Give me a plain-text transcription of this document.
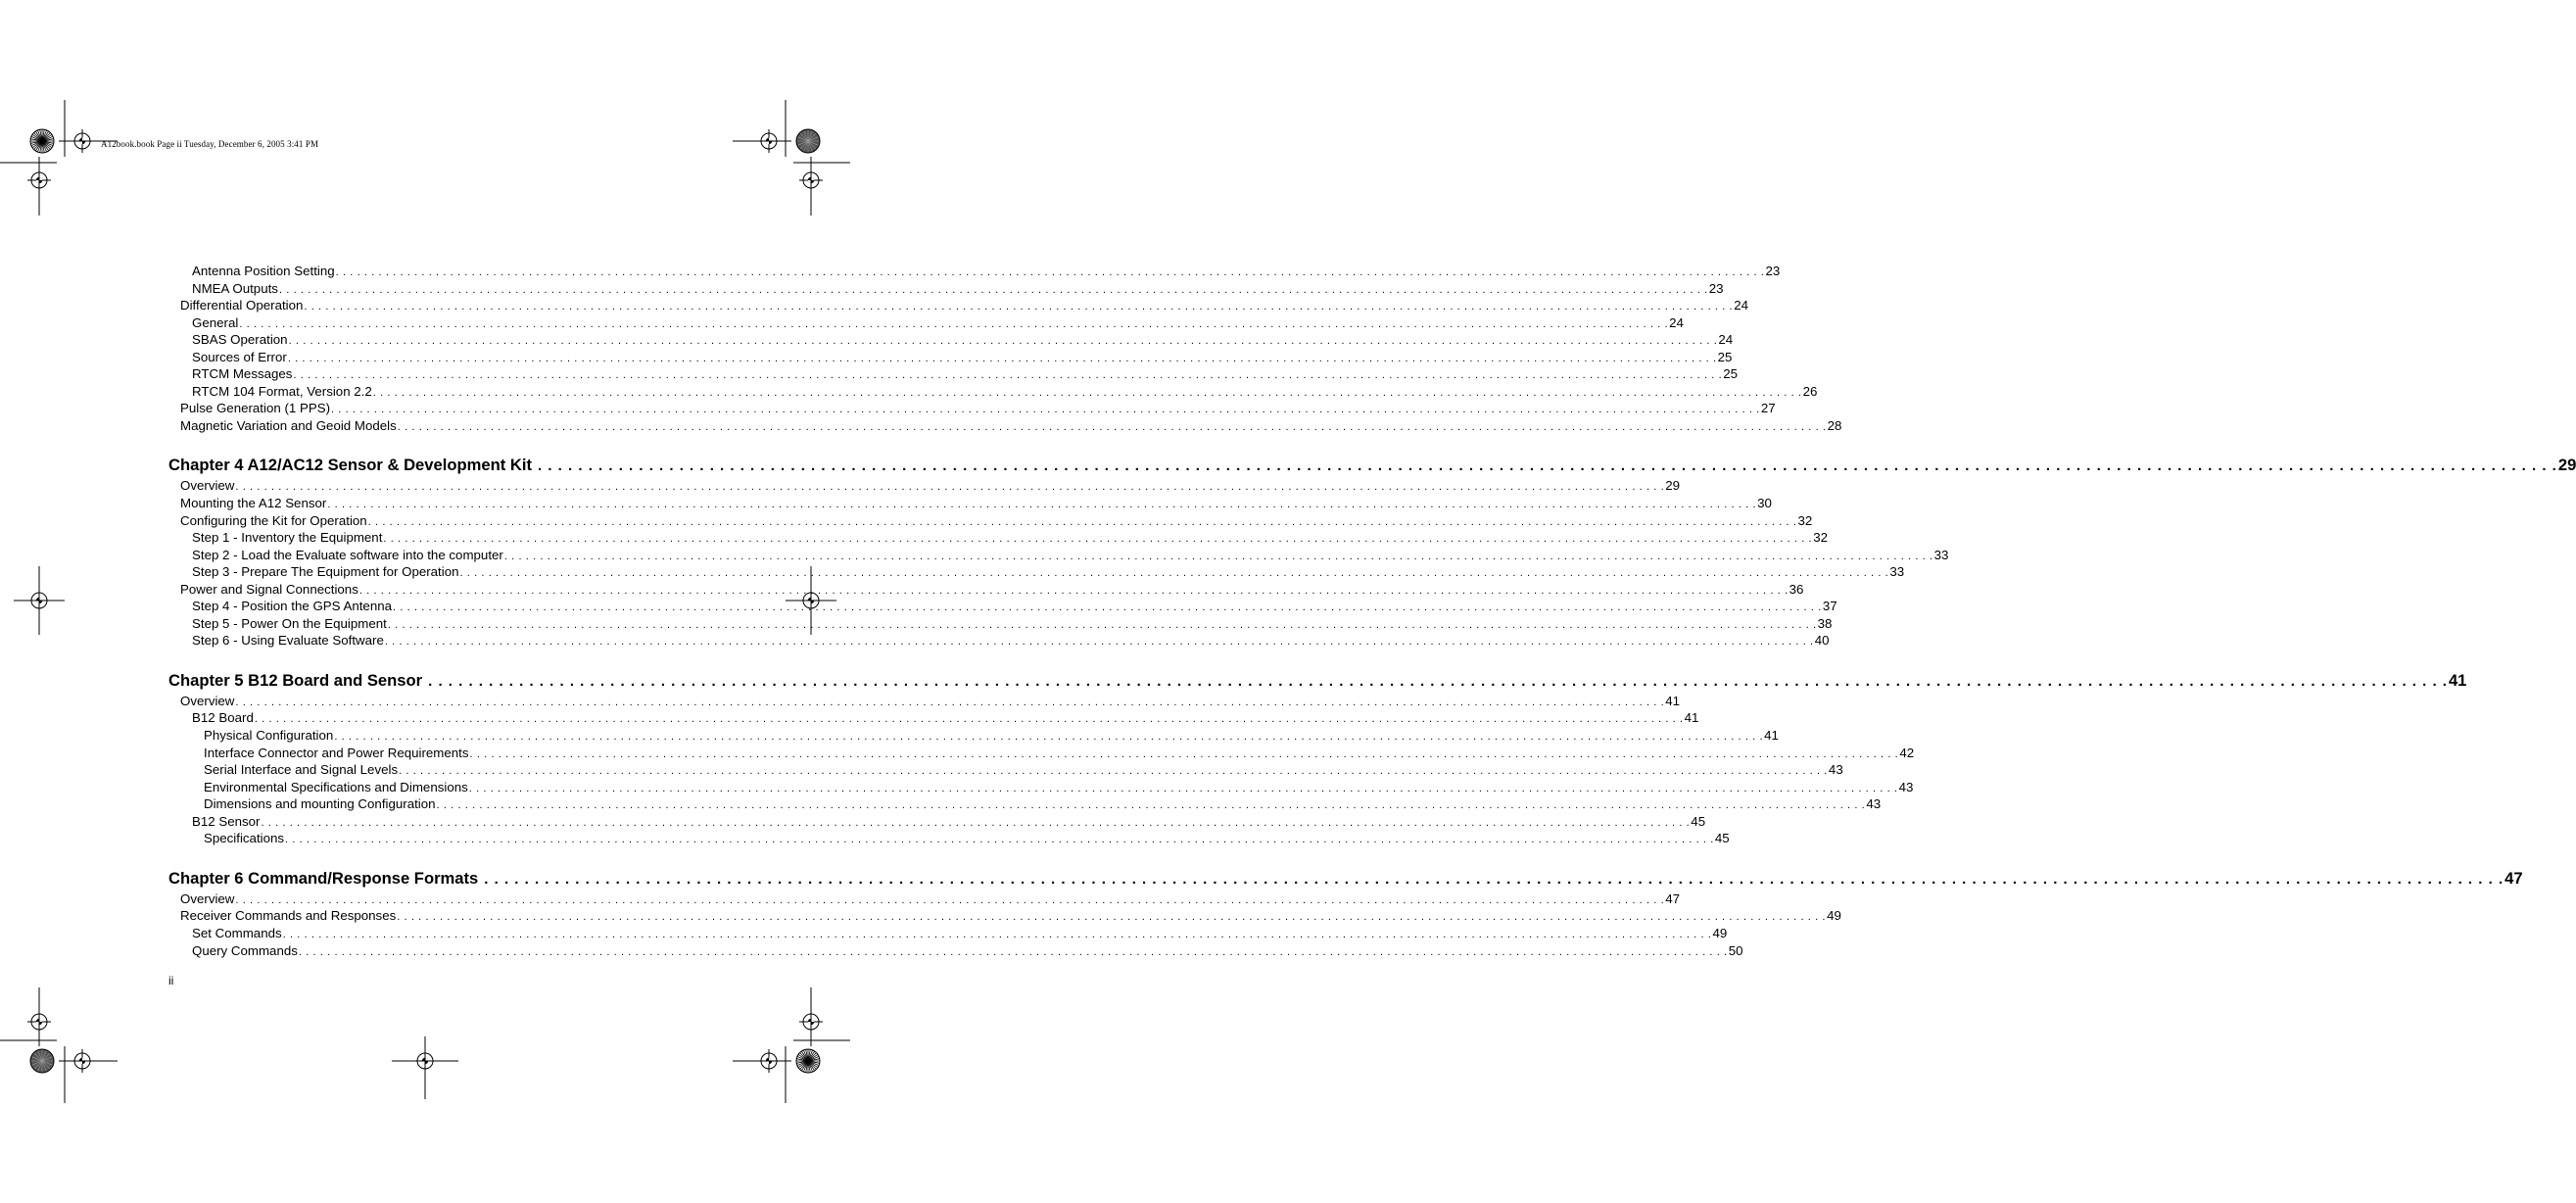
A12book.book Page ii Tuesday, December 6, 2005 3:41 PM
Antenna Position Setting . . . . . . . . . . . . . . . . . . . . . . . . . . . . . . . . . . . . . . . . . . . . . . . . . . . . . . . . . . . . . . . . . . . . . . . . . . . . . . . . . . . . . . . . . . . . . . . . . . . . . . . . . . . . . . . . . . . . . . . . . . . . . . . . . . . . . . . . . . . . . . . . . . . . . . . . . . . . . . . . . . . . . . . . . . . . . . . . . . . . . . . . . . . . . . . . . . . . . . . . 23
NMEA Outputs . . . . . . . . . . . . . . . . . . . . . . . . . . . . . . . . . . . . . . . . . . . . . . . . . . . . . . . . . . . . . . . . . . . . . . . . . . . . . . . . . . . . . . . . . . . . . . . . . . . . . . . . . . . . . . . . . . . . . . . . . . . . . . . . . . . . . . . . . . . . . . . . . . . . . . . . . . . . . . . . . . . . . . . . . . . . . . . . . . . . . . . . . . . . . . . . . . . . . . . . 23
Differential Operation . . . . . . . . . . . . . . . . . . . . . . . . . . . . . . . . . . . . . . . . . . . . . . . . . . . . . . . . . . . . . . . . . . . . . . . . . . . . . . . . . . . . . . . . . . . . . . . . . . . . . . . . . . . . . . . . . . . . . . . . . . . . . . . . . . . . . . . . . . . . . . . . . . . . . . . . . . . . . . . . . . . . . . . . . . . . . . . . . . . . . . . . . . . . . . . . . . . . . . . . 24
General . . . . . . . . . . . . . . . . . . . . . . . . . . . . . . . . . . . . . . . . . . . . . . . . . . . . . . . . . . . . . . . . . . . . . . . . . . . . . . . . . . . . . . . . . . . . . . . . . . . . . . . . . . . . . . . . . . . . . . . . . . . . . . . . . . . . . . . . . . . . . . . . . . . . . . . . . . . . . . . . . . . . . . . . . . . . . . . . . . . . . . . . . . . . . . . . . . . . . . . . 24
SBAS Operation . . . . . . . . . . . . . . . . . . . . . . . . . . . . . . . . . . . . . . . . . . . . . . . . . . . . . . . . . . . . . . . . . . . . . . . . . . . . . . . . . . . . . . . . . . . . . . . . . . . . . . . . . . . . . . . . . . . . . . . . . . . . . . . . . . . . . . . . . . . . . . . . . . . . . . . . . . . . . . . . . . . . . . . . . . . . . . . . . . . . . . . . . . . . . . . . . . . . . . . . 24
Sources of Error . . . . . . . . . . . . . . . . . . . . . . . . . . . . . . . . . . . . . . . . . . . . . . . . . . . . . . . . . . . . . . . . . . . . . . . . . . . . . . . . . . . . . . . . . . . . . . . . . . . . . . . . . . . . . . . . . . . . . . . . . . . . . . . . . . . . . . . . . . . . . . . . . . . . . . . . . . . . . . . . . . . . . . . . . . . . . . . . . . . . . . . . . . . . . . . . . . . . . . . . 25
RTCM Messages . . . . . . . . . . . . . . . . . . . . . . . . . . . . . . . . . . . . . . . . . . . . . . . . . . . . . . . . . . . . . . . . . . . . . . . . . . . . . . . . . . . . . . . . . . . . . . . . . . . . . . . . . . . . . . . . . . . . . . . . . . . . . . . . . . . . . . . . . . . . . . . . . . . . . . . . . . . . . . . . . . . . . . . . . . . . . . . . . . . . . . . . . . . . . . . . . . . . . . . . 25
RTCM 104 Format, Version 2.2 . . . . . . . . . . . . . . . . . . . . . . . . . . . . . . . . . . . . . . . . . . . . . . . . . . . . . . . . . . . . . . . . . . . . . . . . . . . . . . . . . . . . . . . . . . . . . . . . . . . . . . . . . . . . . . . . . . . . . . . . . . . . . . . . . . . . . . . . . . . . . . . . . . . . . . . . . . . . . . . . . . . . . . . . . . . . . . . . . . . . . . . . . . . . . . . . . . . . . . . . 26
Pulse Generation (1 PPS) . . . . . . . . . . . . . . . . . . . . . . . . . . . . . . . . . . . . . . . . . . . . . . . . . . . . . . . . . . . . . . . . . . . . . . . . . . . . . . . . . . . . . . . . . . . . . . . . . . . . . . . . . . . . . . . . . . . . . . . . . . . . . . . . . . . . . . . . . . . . . . . . . . . . . . . . . . . . . . . . . . . . . . . . . . . . . . . . . . . . . . . . . . . . . . . . . . . . . . . . 27
Magnetic Variation and Geoid Models . . . . . . . . . . . . . . . . . . . . . . . . . . . . . . . . . . . . . . . . . . . . . . . . . . . . . . . . . . . . . . . . . . . . . . . . . . . . . . . . . . . . . . . . . . . . . . . . . . . . . . . . . . . . . . . . . . . . . . . . . . . . . . . . . . . . . . . . . . . . . . . . . . . . . . . . . . . . . . . . . . . . . . . . . . . . . . . . . . . . . . . . . . . . . . . . . . . . . . . . 28
Chapter 4 A12/AC12 Sensor & Development Kit . . . . . . . . . . . . . . . . . . . . . . . . . . . . . . . . . . . . . . . . . . . . . . . . . . . . . . . . . . . . . . . . . . . . . . . . . . . . . . . . . . . . . . . . . . . . . . . . . . . . . . . . . . . . . . . . . . . . . . . . . . . . . . . . . . . . . . . . . . . . . . . . . . . . . . . . . . . . . . . . . . . . . . . . . . . . . . . . . . . . . . . . . . . . . . . . . . . . . . . . 29
Overview . . . . . . . . . . . . . . . . . . . . . . . . . . . . . . . . . . . . . . . . . . . . . . . . . . . . . . . . . . . . . . . . . . . . . . . . . . . . . . . . . . . . . . . . . . . . . . . . . . . . . . . . . . . . . . . . . . . . . . . . . . . . . . . . . . . . . . . . . . . . . . . . . . . . . . . . . . . . . . . . . . . . . . . . . . . . . . . . . . . . . . . . . . . . . . . . . . . . . . . . 29
Mounting the A12 Sensor . . . . . . . . . . . . . . . . . . . . . . . . . . . . . . . . . . . . . . . . . . . . . . . . . . . . . . . . . . . . . . . . . . . . . . . . . . . . . . . . . . . . . . . . . . . . . . . . . . . . . . . . . . . . . . . . . . . . . . . . . . . . . . . . . . . . . . . . . . . . . . . . . . . . . . . . . . . . . . . . . . . . . . . . . . . . . . . . . . . . . . . . . . . . . . . . . . . . . . . . 30
Configuring the Kit for Operation . . . . . . . . . . . . . . . . . . . . . . . . . . . . . . . . . . . . . . . . . . . . . . . . . . . . . . . . . . . . . . . . . . . . . . . . . . . . . . . . . . . . . . . . . . . . . . . . . . . . . . . . . . . . . . . . . . . . . . . . . . . . . . . . . . . . . . . . . . . . . . . . . . . . . . . . . . . . . . . . . . . . . . . . . . . . . . . . . . . . . . . . . . . . . . . . . . . . . . . . 32
Step 1 - Inventory the Equipment . . . . . . . . . . . . . . . . . . . . . . . . . . . . . . . . . . . . . . . . . . . . . . . . . . . . . . . . . . . . . . . . . . . . . . . . . . . . . . . . . . . . . . . . . . . . . . . . . . . . . . . . . . . . . . . . . . . . . . . . . . . . . . . . . . . . . . . . . . . . . . . . . . . . . . . . . . . . . . . . . . . . . . . . . . . . . . . . . . . . . . . . . . . . . . . . . . . . . . . . 32
Step 2 - Load the Evaluate software into the computer . . . . . . . . . . . . . . . . . . . . . . . . . . . . . . . . . . . . . . . . . . . . . . . . . . . . . . . . . . . . . . . . . . . . . . . . . . . . . . . . . . . . . . . . . . . . . . . . . . . . . . . . . . . . . . . . . . . . . . . . . . . . . . . . . . . . . . . . . . . . . . . . . . . . . . . . . . . . . . . . . . . . . . . . . . . . . . . . . . . . . . . . . . . . . . . . . . . . . . . . 33
Step 3 - Prepare The Equipment for Operation . . . . . . . . . . . . . . . . . . . . . . . . . . . . . . . . . . . . . . . . . . . . . . . . . . . . . . . . . . . . . . . . . . . . . . . . . . . . . . . . . . . . . . . . . . . . . . . . . . . . . . . . . . . . . . . . . . . . . . . . . . . . . . . . . . . . . . . . . . . . . . . . . . . . . . . . . . . . . . . . . . . . . . . . . . . . . . . . . . . . . . . . . . . . . . . . . . . . . . . . 33
Power and Signal Connections . . . . . . . . . . . . . . . . . . . . . . . . . . . . . . . . . . . . . . . . . . . . . . . . . . . . . . . . . . . . . . . . . . . . . . . . . . . . . . . . . . . . . . . . . . . . . . . . . . . . . . . . . . . . . . . . . . . . . . . . . . . . . . . . . . . . . . . . . . . . . . . . . . . . . . . . . . . . . . . . . . . . . . . . . . . . . . . . . . . . . . . . . . . . . . . . . . . . . . . . 36
Step 4 - Position the GPS Antenna . . . . . . . . . . . . . . . . . . . . . . . . . . . . . . . . . . . . . . . . . . . . . . . . . . . . . . . . . . . . . . . . . . . . . . . . . . . . . . . . . . . . . . . . . . . . . . . . . . . . . . . . . . . . . . . . . . . . . . . . . . . . . . . . . . . . . . . . . . . . . . . . . . . . . . . . . . . . . . . . . . . . . . . . . . . . . . . . . . . . . . . . . . . . . . . . . . . . . . . . 37
Step 5 - Power On the Equipment . . . . . . . . . . . . . . . . . . . . . . . . . . . . . . . . . . . . . . . . . . . . . . . . . . . . . . . . . . . . . . . . . . . . . . . . . . . . . . . . . . . . . . . . . . . . . . . . . . . . . . . . . . . . . . . . . . . . . . . . . . . . . . . . . . . . . . . . . . . . . . . . . . . . . . . . . . . . . . . . . . . . . . . . . . . . . . . . . . . . . . . . . . . . . . . . . . . . . . . . 38
Step 6 - Using Evaluate Software . . . . . . . . . . . . . . . . . . . . . . . . . . . . . . . . . . . . . . . . . . . . . . . . . . . . . . . . . . . . . . . . . . . . . . . . . . . . . . . . . . . . . . . . . . . . . . . . . . . . . . . . . . . . . . . . . . . . . . . . . . . . . . . . . . . . . . . . . . . . . . . . . . . . . . . . . . . . . . . . . . . . . . . . . . . . . . . . . . . . . . . . . . . . . . . . . . . . . . . . 40
Chapter 5 B12 Board and Sensor . . . . . . . . . . . . . . . . . . . . . . . . . . . . . . . . . . . . . . . . . . . . . . . . . . . . . . . . . . . . . . . . . . . . . . . . . . . . . . . . . . . . . . . . . . . . . . . . . . . . . . . . . . . . . . . . . . . . . . . . . . . . . . . . . . . . . . . . . . . . . . . . . . . . . . . . . . . . . . . . . . . . . . . . . . . . . . . . . . . . . . . . . . . . . . . . . . . . . . . . 41
Overview . . . . . . . . . . . . . . . . . . . . . . . . . . . . . . . . . . . . . . . . . . . . . . . . . . . . . . . . . . . . . . . . . . . . . . . . . . . . . . . . . . . . . . . . . . . . . . . . . . . . . . . . . . . . . . . . . . . . . . . . . . . . . . . . . . . . . . . . . . . . . . . . . . . . . . . . . . . . . . . . . . . . . . . . . . . . . . . . . . . . . . . . . . . . . . . . . . . . . . . . 41
B12 Board . . . . . . . . . . . . . . . . . . . . . . . . . . . . . . . . . . . . . . . . . . . . . . . . . . . . . . . . . . . . . . . . . . . . . . . . . . . . . . . . . . . . . . . . . . . . . . . . . . . . . . . . . . . . . . . . . . . . . . . . . . . . . . . . . . . . . . . . . . . . . . . . . . . . . . . . . . . . . . . . . . . . . . . . . . . . . . . . . . . . . . . . . . . . . . . . . . . . . . . . 41
Physical Configuration . . . . . . . . . . . . . . . . . . . . . . . . . . . . . . . . . . . . . . . . . . . . . . . . . . . . . . . . . . . . . . . . . . . . . . . . . . . . . . . . . . . . . . . . . . . . . . . . . . . . . . . . . . . . . . . . . . . . . . . . . . . . . . . . . . . . . . . . . . . . . . . . . . . . . . . . . . . . . . . . . . . . . . . . . . . . . . . . . . . . . . . . . . . . . . . . . . . . . . . . 41
Interface Connector and Power Requirements . . . . . . . . . . . . . . . . . . . . . . . . . . . . . . . . . . . . . . . . . . . . . . . . . . . . . . . . . . . . . . . . . . . . . . . . . . . . . . . . . . . . . . . . . . . . . . . . . . . . . . . . . . . . . . . . . . . . . . . . . . . . . . . . . . . . . . . . . . . . . . . . . . . . . . . . . . . . . . . . . . . . . . . . . . . . . . . . . . . . . . . . . . . . . . . . . . . . . . . . 42
Serial Interface and Signal Levels . . . . . . . . . . . . . . . . . . . . . . . . . . . . . . . . . . . . . . . . . . . . . . . . . . . . . . . . . . . . . . . . . . . . . . . . . . . . . . . . . . . . . . . . . . . . . . . . . . . . . . . . . . . . . . . . . . . . . . . . . . . . . . . . . . . . . . . . . . . . . . . . . . . . . . . . . . . . . . . . . . . . . . . . . . . . . . . . . . . . . . . . . . . . . . . . . . . . . . . . 43
Environmental Specifications and Dimensions . . . . . . . . . . . . . . . . . . . . . . . . . . . . . . . . . . . . . . . . . . . . . . . . . . . . . . . . . . . . . . . . . . . . . . . . . . . . . . . . . . . . . . . . . . . . . . . . . . . . . . . . . . . . . . . . . . . . . . . . . . . . . . . . . . . . . . . . . . . . . . . . . . . . . . . . . . . . . . . . . . . . . . . . . . . . . . . . . . . . . . . . . . . . . . . . . . . . . . . . 43
Dimensions and mounting Configuration . . . . . . . . . . . . . . . . . . . . . . . . . . . . . . . . . . . . . . . . . . . . . . . . . . . . . . . . . . . . . . . . . . . . . . . . . . . . . . . . . . . . . . . . . . . . . . . . . . . . . . . . . . . . . . . . . . . . . . . . . . . . . . . . . . . . . . . . . . . . . . . . . . . . . . . . . . . . . . . . . . . . . . . . . . . . . . . . . . . . . . . . . . . . . . . . . . . . . . . . 43
B12 Sensor . . . . . . . . . . . . . . . . . . . . . . . . . . . . . . . . . . . . . . . . . . . . . . . . . . . . . . . . . . . . . . . . . . . . . . . . . . . . . . . . . . . . . . . . . . . . . . . . . . . . . . . . . . . . . . . . . . . . . . . . . . . . . . . . . . . . . . . . . . . . . . . . . . . . . . . . . . . . . . . . . . . . . . . . . . . . . . . . . . . . . . . . . . . . . . . . . . . . . . . . 45
Specifications . . . . . . . . . . . . . . . . . . . . . . . . . . . . . . . . . . . . . . . . . . . . . . . . . . . . . . . . . . . . . . . . . . . . . . . . . . . . . . . . . . . . . . . . . . . . . . . . . . . . . . . . . . . . . . . . . . . . . . . . . . . . . . . . . . . . . . . . . . . . . . . . . . . . . . . . . . . . . . . . . . . . . . . . . . . . . . . . . . . . . . . . . . . . . . . . . . . . . . . . 45
Chapter 6 Command/Response Formats . . . . . . . . . . . . . . . . . . . . . . . . . . . . . . . . . . . . . . . . . . . . . . . . . . . . . . . . . . . . . . . . . . . . . . . . . . . . . . . . . . . . . . . . . . . . . . . . . . . . . . . . . . . . . . . . . . . . . . . . . . . . . . . . . . . . . . . . . . . . . . . . . . . . . . . . . . . . . . . . . . . . . . . . . . . . . . . . . . . . . . . . . . . . . . . . . . . . . . . . 47
Overview . . . . . . . . . . . . . . . . . . . . . . . . . . . . . . . . . . . . . . . . . . . . . . . . . . . . . . . . . . . . . . . . . . . . . . . . . . . . . . . . . . . . . . . . . . . . . . . . . . . . . . . . . . . . . . . . . . . . . . . . . . . . . . . . . . . . . . . . . . . . . . . . . . . . . . . . . . . . . . . . . . . . . . . . . . . . . . . . . . . . . . . . . . . . . . . . . . . . . . . . 47
Receiver Commands and Responses . . . . . . . . . . . . . . . . . . . . . . . . . . . . . . . . . . . . . . . . . . . . . . . . . . . . . . . . . . . . . . . . . . . . . . . . . . . . . . . . . . . . . . . . . . . . . . . . . . . . . . . . . . . . . . . . . . . . . . . . . . . . . . . . . . . . . . . . . . . . . . . . . . . . . . . . . . . . . . . . . . . . . . . . . . . . . . . . . . . . . . . . . . . . . . . . . . . . . . . . 49
Set Commands . . . . . . . . . . . . . . . . . . . . . . . . . . . . . . . . . . . . . . . . . . . . . . . . . . . . . . . . . . . . . . . . . . . . . . . . . . . . . . . . . . . . . . . . . . . . . . . . . . . . . . . . . . . . . . . . . . . . . . . . . . . . . . . . . . . . . . . . . . . . . . . . . . . . . . . . . . . . . . . . . . . . . . . . . . . . . . . . . . . . . . . . . . . . . . . . . . . . . . . . 49
Query Commands . . . . . . . . . . . . . . . . . . . . . . . . . . . . . . . . . . . . . . . . . . . . . . . . . . . . . . . . . . . . . . . . . . . . . . . . . . . . . . . . . . . . . . . . . . . . . . . . . . . . . . . . . . . . . . . . . . . . . . . . . . . . . . . . . . . . . . . . . . . . . . . . . . . . . . . . . . . . . . . . . . . . . . . . . . . . . . . . . . . . . . . . . . . . . . . . . . . . . . . . 50
ii
